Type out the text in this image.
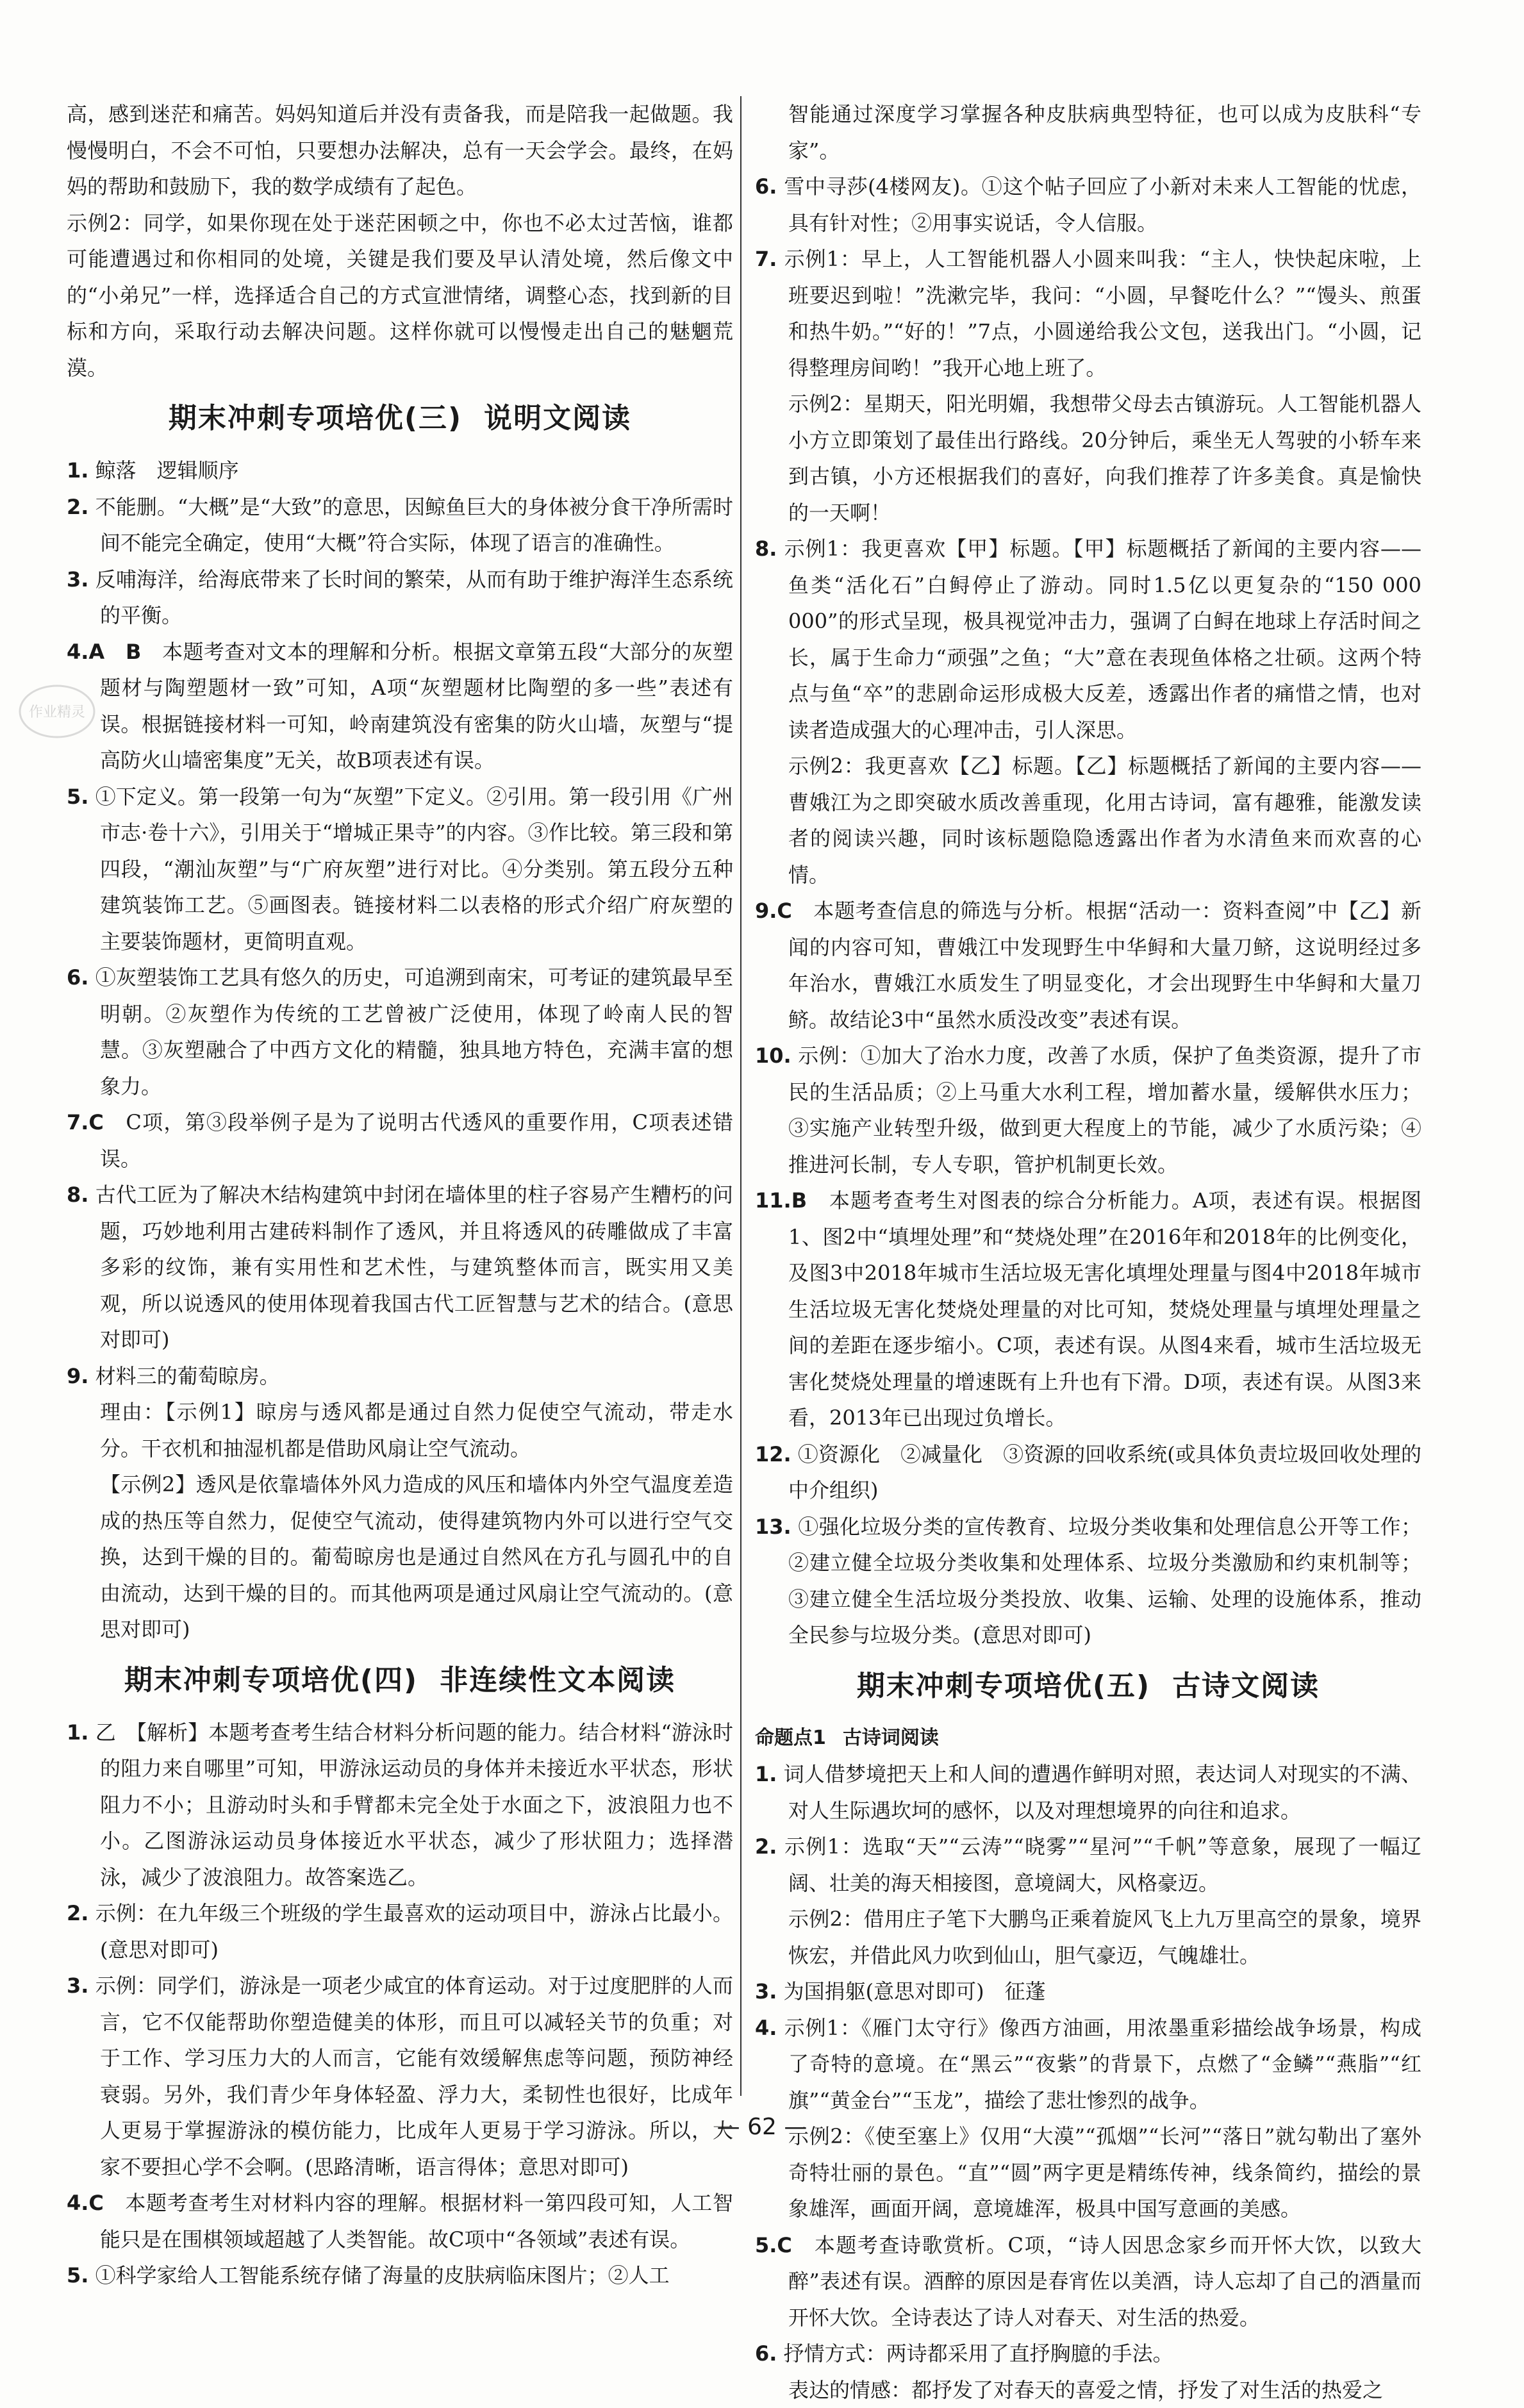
作业精灵

高，感到迷茫和痛苦。妈妈知道后并没有责备我，而是陪我一起做题。我慢慢明白，不会不可怕，只要想办法解决，总有一天会学会。最终，在妈妈的帮助和鼓励下，我的数学成绩有了起色。

示例2：同学，如果你现在处于迷茫困顿之中，你也不必太过苦恼，谁都可能遭遇过和你相同的处境，关键是我们要及早认清处境，然后像文中的“小弟兄”一样，选择适合自己的方式宣泄情绪，调整心态，找到新的目标和方向，采取行动去解决问题。这样你就可以慢慢走出自己的魅魍荒漠。

期末冲刺专项培优(三) 说明文阅读

1. 鲸落　逻辑顺序

2. 不能删。“大概”是“大致”的意思，因鲸鱼巨大的身体被分食干净所需时间不能完全确定，使用“大概”符合实际，体现了语言的准确性。

3. 反哺海洋，给海底带来了长时间的繁荣，从而有助于维护海洋生态系统的平衡。

4.A　B　 本题考查对文本的理解和分析。根据文章第五段“大部分的灰塑题材与陶塑题材一致”可知，A项“灰塑题材比陶塑的多一些”表述有误。根据链接材料一可知，岭南建筑没有密集的防火山墙，灰塑与“提高防火山墙密集度”无关，故B项表述有误。

5. ①下定义。第一段第一句为“灰塑”下定义。②引用。第一段引用《广州市志·卷十六》，引用关于“增城正果寺”的内容。③作比较。第三段和第四段，“潮汕灰塑”与“广府灰塑”进行对比。④分类别。第五段分五种建筑装饰工艺。⑤画图表。链接材料二以表格的形式介绍广府灰塑的主要装饰题材，更简明直观。

6. ①灰塑装饰工艺具有悠久的历史，可追溯到南宋，可考证的建筑最早至明朝。②灰塑作为传统的工艺曾被广泛使用，体现了岭南人民的智慧。③灰塑融合了中西方文化的精髓，独具地方特色，充满丰富的想象力。

7.C　 C项，第③段举例子是为了说明古代透风的重要作用，C项表述错误。

8. 古代工匠为了解决木结构建筑中封闭在墙体里的柱子容易产生糟朽的问题，巧妙地利用古建砖料制作了透风，并且将透风的砖雕做成了丰富多彩的纹饰，兼有实用性和艺术性，与建筑整体而言，既实用又美观，所以说透风的使用体现着我国古代工匠智慧与艺术的结合。(意思对即可)

9. 材料三的葡萄晾房。

理由：【示例1】晾房与透风都是通过自然力促使空气流动，带走水分。干衣机和抽湿机都是借助风扇让空气流动。

【示例2】透风是依靠墙体外风力造成的风压和墙体内外空气温度差造成的热压等自然力，促使空气流动，使得建筑物内外可以进行空气交换，达到干燥的目的。葡萄晾房也是通过自然风在方孔与圆孔中的自由流动，达到干燥的目的。而其他两项是通过风扇让空气流动的。(意思对即可)

期末冲刺专项培优(四) 非连续性文本阅读

1. 乙　【解析】本题考查考生结合材料分析问题的能力。结合材料“游泳时的阻力来自哪里”可知，甲游泳运动员的身体并未接近水平状态，形状阻力不小；且游动时头和手臂都未完全处于水面之下，波浪阻力也不小。乙图游泳运动员身体接近水平状态，减少了形状阻力；选择潜泳，减少了波浪阻力。故答案选乙。

2. 示例：在九年级三个班级的学生最喜欢的运动项目中，游泳占比最小。(意思对即可)

3. 示例：同学们，游泳是一项老少咸宜的体育运动。对于过度肥胖的人而言，它不仅能帮助你塑造健美的体形，而且可以减轻关节的负重；对于工作、学习压力大的人而言，它能有效缓解焦虑等问题，预防神经衰弱。另外，我们青少年身体轻盈、浮力大，柔韧性也很好，比成年人更易于掌握游泳的模仿能力，比成年人更易于学习游泳。所以，大家不要担心学不会啊。(思路清晰，语言得体；意思对即可)

4.C　 本题考查考生对材料内容的理解。根据材料一第四段可知，人工智能只是在围棋领域超越了人类智能。故C项中“各领域”表述有误。

5. ①科学家给人工智能系统存储了海量的皮肤病临床图片；②人工

智能通过深度学习掌握各种皮肤病典型特征，也可以成为皮肤科“专家”。

6. 雪中寻莎(4楼网友)。①这个帖子回应了小新对未来人工智能的忧虑，具有针对性；②用事实说话，令人信服。

7. 示例1：早上，人工智能机器人小圆来叫我：“主人，快快起床啦，上班要迟到啦！”洗漱完毕，我问：“小圆，早餐吃什么？”“馒头、煎蛋和热牛奶。”“好的！”7点，小圆递给我公文包，送我出门。“小圆，记得整理房间哟！”我开心地上班了。

示例2：星期天，阳光明媚，我想带父母去古镇游玩。人工智能机器人小方立即策划了最佳出行路线。20分钟后，乘坐无人驾驶的小轿车来到古镇，小方还根据我们的喜好，向我们推荐了许多美食。真是愉快的一天啊！

8. 示例1：我更喜欢【甲】标题。【甲】标题概括了新闻的主要内容——鱼类“活化石”白鲟停止了游动。同时1.5亿以更复杂的“150 000 000”的形式呈现，极具视觉冲击力，强调了白鲟在地球上存活时间之长，属于生命力“顽强”之鱼；“大”意在表现鱼体格之壮硕。这两个特点与鱼“卒”的悲剧命运形成极大反差，透露出作者的痛惜之情，也对读者造成强大的心理冲击，引人深思。

示例2：我更喜欢【乙】标题。【乙】标题概括了新闻的主要内容——曹娥江为之即突破水质改善重现，化用古诗词，富有趣雅，能激发读者的阅读兴趣，同时该标题隐隐透露出作者为水清鱼来而欢喜的心情。

9.C　 本题考查信息的筛选与分析。根据“活动一：资料查阅”中【乙】新闻的内容可知，曹娥江中发现野生中华鲟和大量刀鲚，这说明经过多年治水，曹娥江水质发生了明显变化，才会出现野生中华鲟和大量刀鲚。故结论3中“虽然水质没改变”表述有误。

10. 示例：①加大了治水力度，改善了水质，保护了鱼类资源，提升了市民的生活品质；②上马重大水利工程，增加蓄水量，缓解供水压力；③实施产业转型升级，做到更大程度上的节能，减少了水质污染；④推进河长制，专人专职，管护机制更长效。

11.B　 本题考查考生对图表的综合分析能力。A项，表述有误。根据图1、图2中“填埋处理”和“焚烧处理”在2016年和2018年的比例变化，及图3中2018年城市生活垃圾无害化填埋处理量与图4中2018年城市生活垃圾无害化焚烧处理量的对比可知，焚烧处理量与填埋处理量之间的差距在逐步缩小。C项，表述有误。从图4来看，城市生活垃圾无害化焚烧处理量的增速既有上升也有下滑。D项，表述有误。从图3来看，2013年已出现过负增长。

12. ①资源化　②减量化　③资源的回收系统(或具体负责垃圾回收处理的中介组织)

13. ①强化垃圾分类的宣传教育、垃圾分类收集和处理信息公开等工作；②建立健全垃圾分类收集和处理体系、垃圾分类激励和约束机制等；③建立健全生活垃圾分类投放、收集、运输、处理的设施体系，推动全民参与垃圾分类。(意思对即可)

期末冲刺专项培优(五) 古诗文阅读

命题点1 古诗词阅读

1. 词人借梦境把天上和人间的遭遇作鲜明对照，表达词人对现实的不满、对人生际遇坎坷的感怀，以及对理想境界的向往和追求。

2. 示例1：选取“天”“云涛”“晓雾”“星河”“千帆”等意象，展现了一幅辽阔、壮美的海天相接图，意境阔大，风格豪迈。

示例2：借用庄子笔下大鹏鸟正乘着旋风飞上九万里高空的景象，境界恢宏，并借此风力吹到仙山，胆气豪迈，气魄雄壮。

3. 为国捐躯(意思对即可)　征蓬

4. 示例1：《雁门太守行》像西方油画，用浓墨重彩描绘战争场景，构成了奇特的意境。在“黑云”“夜紫”的背景下，点燃了“金鳞”“燕脂”“红旗”“黄金台”“玉龙”，描绘了悲壮惨烈的战争。

示例2：《使至塞上》仅用“大漠”“孤烟”“长河”“落日”就勾勒出了塞外奇特壮丽的景色。“直”“圆”两字更是精练传神，线条简约，描绘的景象雄浑，画面开阔，意境雄浑，极具中国写意画的美感。

5.C　 本题考查诗歌赏析。C项，“诗人因思念家乡而开怀大饮，以致大醉”表述有误。酒醉的原因是春宵佐以美酒，诗人忘却了自己的酒量而开怀大饮。全诗表达了诗人对春天、对生活的热爱。

6. 抒情方式：两诗都采用了直抒胸臆的手法。

表达的情感：都抒发了对春天的喜爱之情，抒发了对生活的热爱之

— 62 —
